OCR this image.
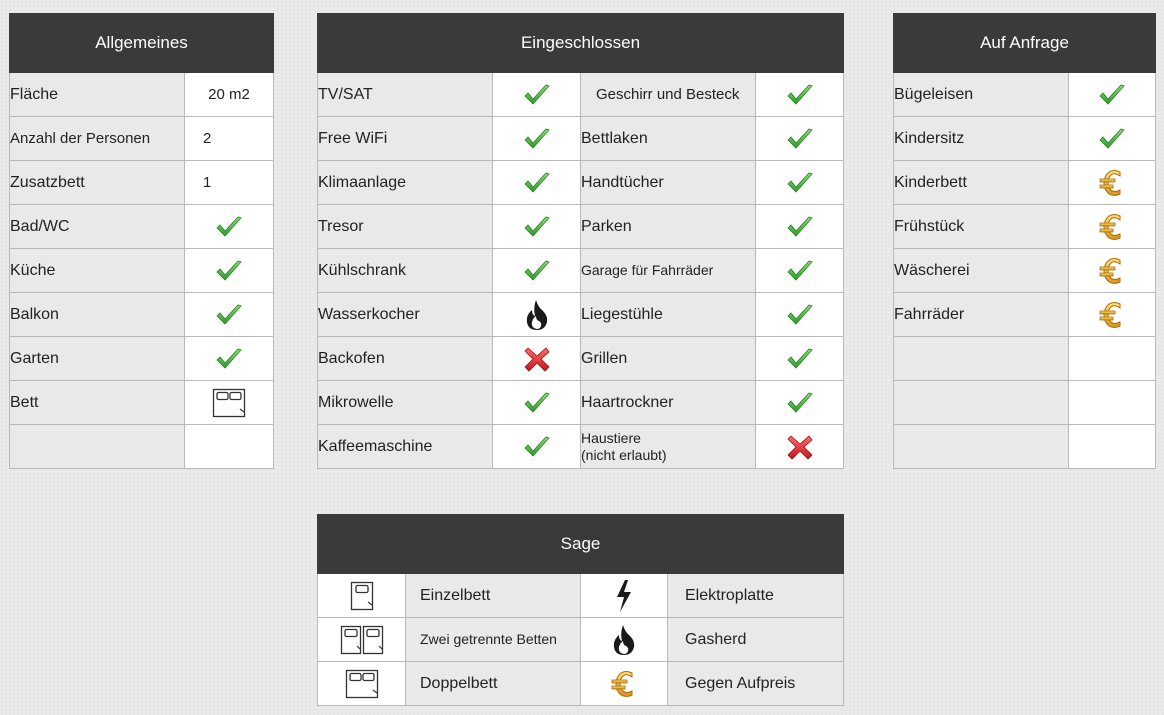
Allgemeines	
Fläche	20 m2
Anzahl der Personen	2
Zusatzbett	1
Bad/WC	
Küche	
Balkon	
Garten	
Bett	

Eingeschlossen			
TV/SAT		Geschirr und Besteck	
Free WiFi		Bettlaken	
Klimaanlage		Handtücher	
Tresor		Parken	
Kühlschrank		Garage für Fahrräder	
Wasserkocher		Liegestühle	
Backofen		Grillen	
Mikrowelle		Haartrockner	
Kaffeemaschine		Haustiere
(nicht erlaubt)

Auf Anfrage	
Bügeleisen	
Kindersitz	
Kinderbett	
Frühstück	
Wäscherei	
Fahrräder	

Sage			
	Einzelbett		Elektroplatte
	Zwei getrennte Betten		Gasherd
	Doppelbett		Gegen Aufpreis
